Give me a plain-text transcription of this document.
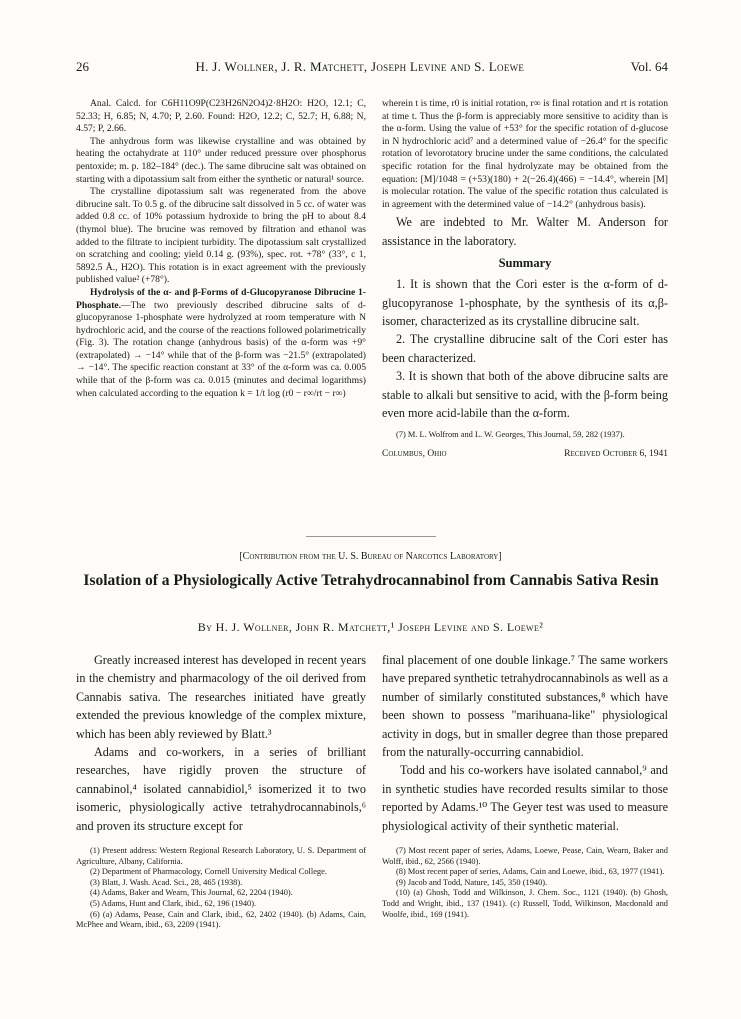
26	H. J. Wollner, J. R. Matchett, Joseph Levine and S. Loewe	Vol. 64

Anal. Calcd. for C6H11O9P(C23H26N2O4)2·8H2O: H2O, 12.1; C, 52.33; H, 6.85; N, 4.70; P, 2.60. Found: H2O, 12.2; C, 52.7; H, 6.88; N, 4.57; P, 2.66.

The anhydrous form was likewise crystalline and was obtained by heating the octahydrate at 110° under reduced pressure over phosphorus pentoxide; m. p. 182–184° (dec.). The same dibrucine salt was obtained on starting with a dipotassium salt from either the synthetic or natural¹ source.

The crystalline dipotassium salt was regenerated from the above dibrucine salt. To 0.5 g. of the dibrucine salt dissolved in 5 cc. of water was added 0.8 cc. of 10% potassium hydroxide to bring the pH to about 8.4 (thymol blue). The brucine was removed by filtration and ethanol was added to the filtrate to incipient turbidity. The dipotassium salt crystallized on scratching and cooling; yield 0.14 g. (93%), spec. rot. +78° (33°, c 1, 5892.5 Å., H2O). This rotation is in exact agreement with the previously published value² (+78°).

Hydrolysis of the α- and β-Forms of d-Glucopyranose Dibrucine 1-Phosphate.—The two previously described dibrucine salts of d-glucopyranose 1-phosphate were hydrolyzed at room temperature with N hydrochloric acid, and the course of the reactions followed polarimetrically (Fig. 3). The rotation change (anhydrous basis) of the α-form was +9° (extrapolated) → −14° while that of the β-form was −21.5° (extrapolated) → −14°. The specific reaction constant at 33° of the α-form was ca. 0.005 while that of the β-form was ca. 0.015 (minutes and decimal logarithms) when calculated according to the equation k = 1/t log (r0 − r∞/rt − r∞)

wherein t is time, r0 is initial rotation, r∞ is final rotation and rt is rotation at time t. Thus the β-form is appreciably more sensitive to acidity than is the α-form. Using the value of +53° for the specific rotation of d-glucose in N hydrochloric acid⁷ and a determined value of −26.4° for the specific rotation of levorotatory brucine under the same conditions, the calculated specific rotation for the final hydrolyzate may be obtained from the equation: [M]/1048 = (+53)(180) + 2(−26.4)(466) = −14.4°, wherein [M] is molecular rotation. The value of the specific rotation thus calculated is in agreement with the determined value of −14.2° (anhydrous basis).

We are indebted to Mr. Walter M. Anderson for assistance in the laboratory.

Summary

1. It is shown that the Cori ester is the α-form of d-glucopyranose 1-phosphate, by the synthesis of its α,β-isomer, characterized as its crystalline dibrucine salt.

2. The crystalline dibrucine salt of the Cori ester has been characterized.

3. It is shown that both of the above dibrucine salts are stable to alkali but sensitive to acid, with the β-form being even more acid-labile than the α-form.

(7) M. L. Wolfrom and L. W. Georges, This Journal, 59, 282 (1937).

Columbus, Ohio	Received October 6, 1941
[Contribution from the U. S. Bureau of Narcotics Laboratory]
Isolation of a Physiologically Active Tetrahydrocannabinol from Cannabis Sativa Resin
By H. J. Wollner, John R. Matchett,¹ Joseph Levine and S. Loewe²

Greatly increased interest has developed in recent years in the chemistry and pharmacology of the oil derived from Cannabis sativa. The researches initiated have greatly extended the previous knowledge of the complex mixture, which has been ably reviewed by Blatt.³

Adams and co-workers, in a series of brilliant researches, have rigidly proven the structure of cannabinol,⁴ isolated cannabidiol,⁵ isomerized it to two isomeric, physiologically active tetrahydrocannabinols,⁶ and proven its structure except for

final placement of one double linkage.⁷ The same workers have prepared synthetic tetrahydrocannabinols as well as a number of similarly constituted substances,⁸ which have been shown to possess "marihuana-like" physiological activity in dogs, but in smaller degree than those prepared from the naturally-occurring cannabidiol.

Todd and his co-workers have isolated cannabol,⁹ and in synthetic studies have recorded results similar to those reported by Adams.¹⁰ The Geyer test was used to measure physiological activity of their synthetic material.

(1) Present address: Western Regional Research Laboratory, U. S. Department of Agriculture, Albany, California.

(2) Department of Pharmacology, Cornell University Medical College.

(3) Blatt, J. Wash. Acad. Sci., 28, 465 (1938).

(4) Adams, Baker and Wearn, This Journal, 62, 2204 (1940).

(5) Adams, Hunt and Clark, ibid., 62, 196 (1940).

(6) (a) Adams, Pease, Cain and Clark, ibid., 62, 2402 (1940). (b) Adams, Cain, McPhee and Wearn, ibid., 63, 2209 (1941).

(7) Most recent paper of series, Adams, Loewe, Pease, Cain, Wearn, Baker and Wolff, ibid., 62, 2566 (1940).

(8) Most recent paper of series, Adams, Cain and Loewe, ibid., 63, 1977 (1941).

(9) Jacob and Todd, Nature, 145, 350 (1940).

(10) (a) Ghosh, Todd and Wilkinson, J. Chem. Soc., 1121 (1940). (b) Ghosh, Todd and Wright, ibid., 137 (1941). (c) Russell, Todd, Wilkinson, Macdonald and Woolfe, ibid., 169 (1941).
